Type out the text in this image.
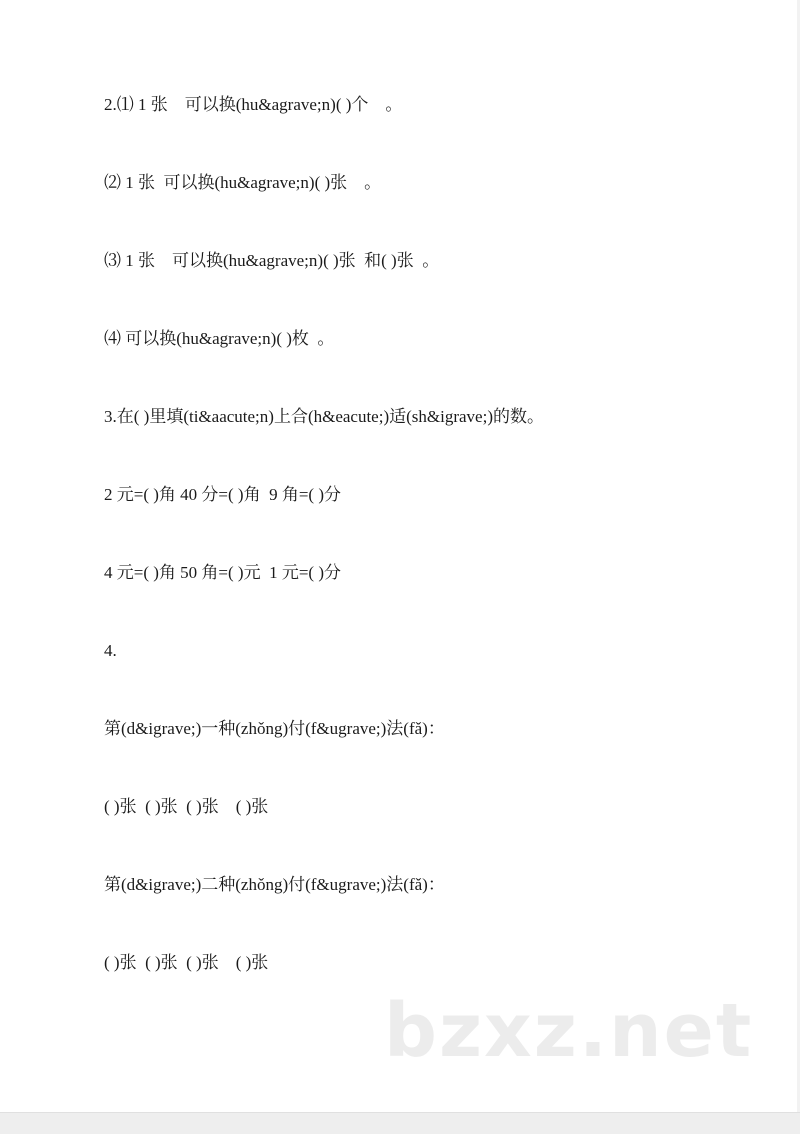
2.⑴ 1 张    可以换(hu&agrave;n)( )个    。
⑵ 1 张  可以换(hu&agrave;n)( )张    。
⑶ 1 张    可以换(hu&agrave;n)( )张  和( )张  。
⑷ 可以换(hu&agrave;n)( )枚  。
3.在( )里填(ti&aacute;n)上合(h&eacute;)适(sh&igrave;)的数。
2 元=( )角 40 分=( )角  9 角=( )分
4 元=( )角 50 角=( )元  1 元=( )分
4.
第(d&igrave;)一种(zhǒng)付(f&ugrave;)法(fǎ)：
( )张  ( )张  ( )张    ( )张
第(d&igrave;)二种(zhǒng)付(f&ugrave;)法(fǎ)：
( )张  ( )张  ( )张    ( )张
bzxz.net
